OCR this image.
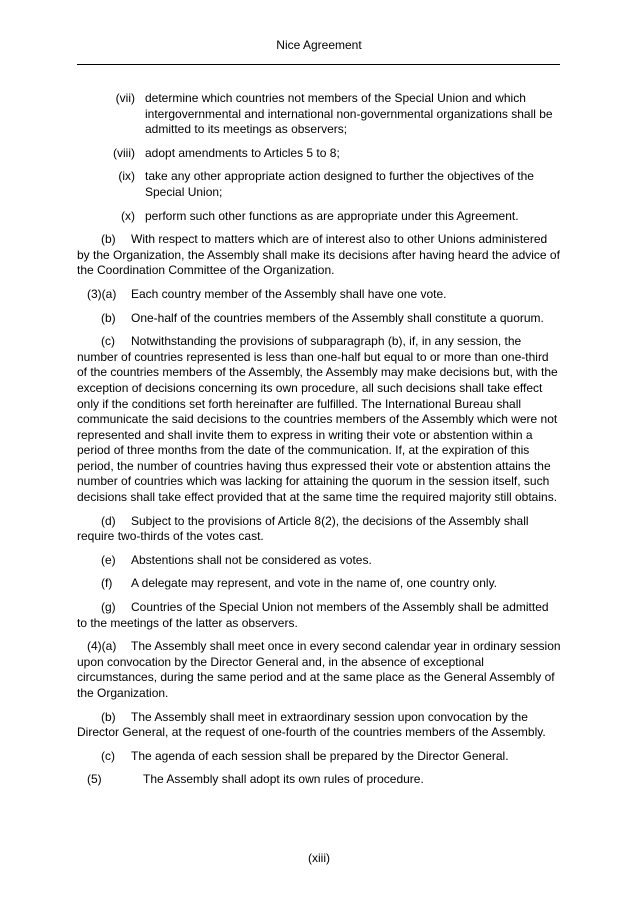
Nice Agreement
(vii) determine which countries not members of the Special Union and which intergovernmental and international non-governmental organizations shall be admitted to its meetings as observers;
(viii) adopt amendments to Articles 5 to 8;
(ix) take any other appropriate action designed to further the objectives of the Special Union;
(x) perform such other functions as are appropriate under this Agreement.

(b) With respect to matters which are of interest also to other Unions administered by the Organization, the Assembly shall make its decisions after having heard the advice of the Coordination Committee of the Organization.

(3)(a) Each country member of the Assembly shall have one vote.

(b) One-half of the countries members of the Assembly shall constitute a quorum.

(c) Notwithstanding the provisions of subparagraph (b), if, in any session, the number of countries represented is less than one-half but equal to or more than one-third of the countries members of the Assembly, the Assembly may make decisions but, with the exception of decisions concerning its own procedure, all such decisions shall take effect only if the conditions set forth hereinafter are fulfilled. The International Bureau shall communicate the said decisions to the countries members of the Assembly which were not represented and shall invite them to express in writing their vote or abstention within a period of three months from the date of the communication. If, at the expiration of this period, the number of countries having thus expressed their vote or abstention attains the number of countries which was lacking for attaining the quorum in the session itself, such decisions shall take effect provided that at the same time the required majority still obtains.

(d) Subject to the provisions of Article 8(2), the decisions of the Assembly shall require two-thirds of the votes cast.

(e) Abstentions shall not be considered as votes.

(f) A delegate may represent, and vote in the name of, one country only.

(g) Countries of the Special Union not members of the Assembly shall be admitted to the meetings of the latter as observers.

(4)(a) The Assembly shall meet once in every second calendar year in ordinary session upon convocation by the Director General and, in the absence of exceptional circumstances, during the same period and at the same place as the General Assembly of the Organization.

(b) The Assembly shall meet in extraordinary session upon convocation by the Director General, at the request of one-fourth of the countries members of the Assembly.

(c) The agenda of each session shall be prepared by the Director General.

(5)	The Assembly shall adopt its own rules of procedure.

(xiii)
